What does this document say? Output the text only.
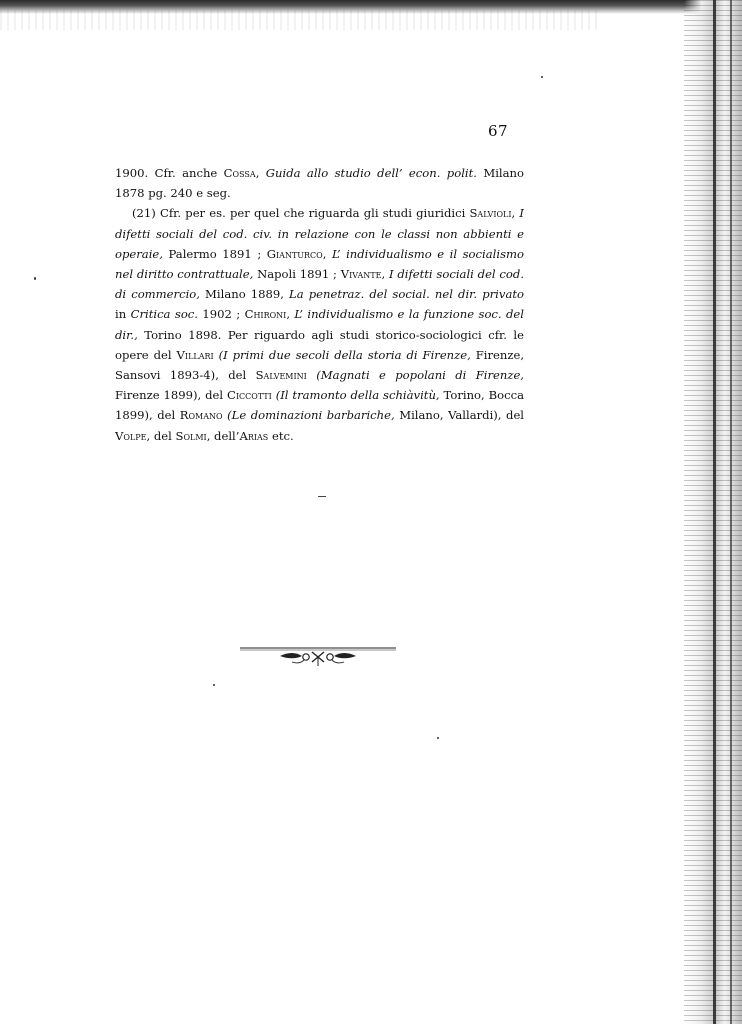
67

1900. Cfr. anche Cossa, Guida allo studio dell’ econ. polit. Milano 1878 pg. 240 e seg.

(21) Cfr. per es. per quel che riguarda gli studi giuridici Salvioli, I difetti sociali del cod. civ. in relazione con le classi non abbienti e operaie, Palermo 1891 ; Gianturco, L’ individualismo e il socialismo nel diritto contrattuale, Napoli 1891 ; Vivante, I difetti sociali del cod. di commercio, Milano 1889, La penetraz. del social. nel dir. privato in Critica soc. 1902 ; Chironi, L’ individualismo e la funzione soc. del dir., Torino 1898. Per riguardo agli studi storico-sociologici cfr. le opere del Villari (I primi due secoli della storia di Firenze, Firenze, Sansovi 1893-4), del Salvemini (Magnati e popolani di Firenze, Firenze 1899), del Ciccotti (Il tramonto della schiàvitù, Torino, Bocca 1899), del Romano (Le dominazioni barbariche, Milano, Vallardi), del Volpe, del Solmi, dell’Arias etc.
